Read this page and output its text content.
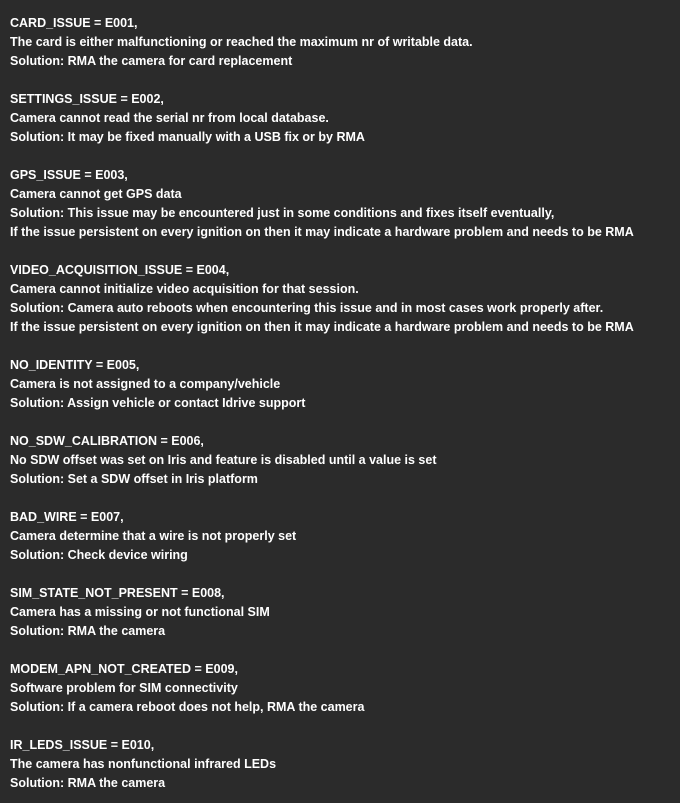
CARD_ISSUE = E001,
The card is either malfunctioning or reached the maximum nr of writable data.
Solution: RMA the camera for card replacement
SETTINGS_ISSUE = E002,
Camera cannot read the serial nr from local database.
Solution: It may be fixed manually with a USB fix or by RMA
GPS_ISSUE = E003,
Camera cannot get GPS data
Solution: This issue may be encountered just in some conditions and fixes itself eventually,
If the issue persistent on every ignition on then it may indicate a hardware problem and needs to be RMA
VIDEO_ACQUISITION_ISSUE = E004,
Camera cannot initialize video acquisition for that session.
Solution: Camera auto reboots when encountering this issue and in most cases work properly after.
If the issue persistent on every ignition on then it may indicate a hardware problem and needs to be RMA
NO_IDENTITY = E005,
Camera is not assigned to a company/vehicle
Solution: Assign vehicle or contact Idrive support
NO_SDW_CALIBRATION = E006,
No SDW offset was set on Iris and feature is disabled until a value is set
Solution: Set a SDW offset in Iris platform
BAD_WIRE = E007,
Camera determine that a wire is not properly set
Solution: Check device wiring
SIM_STATE_NOT_PRESENT = E008,
Camera has a missing or not functional SIM
Solution: RMA the camera
MODEM_APN_NOT_CREATED = E009,
Software problem for SIM connectivity
Solution: If a camera reboot does not help, RMA the camera
IR_LEDS_ISSUE = E010,
The camera has nonfunctional infrared LEDs
Solution: RMA the camera
